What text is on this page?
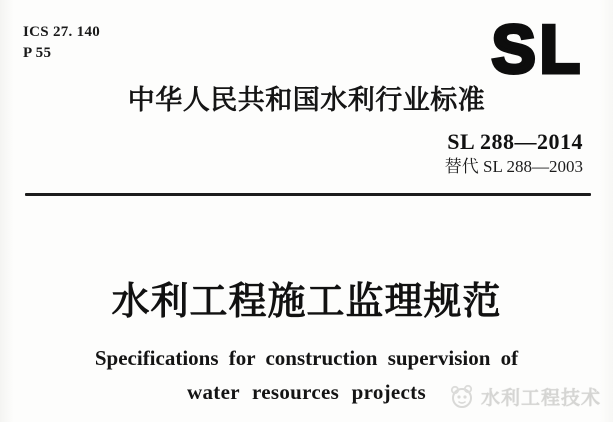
ICS 27. 140
P 55	SL
中华人民共和国水利行业标准
SL 288—2014
替代 SL 288—2003
水利工程施工监理规范
Specifications for construction supervision of
water resources projects	水利工程技术
